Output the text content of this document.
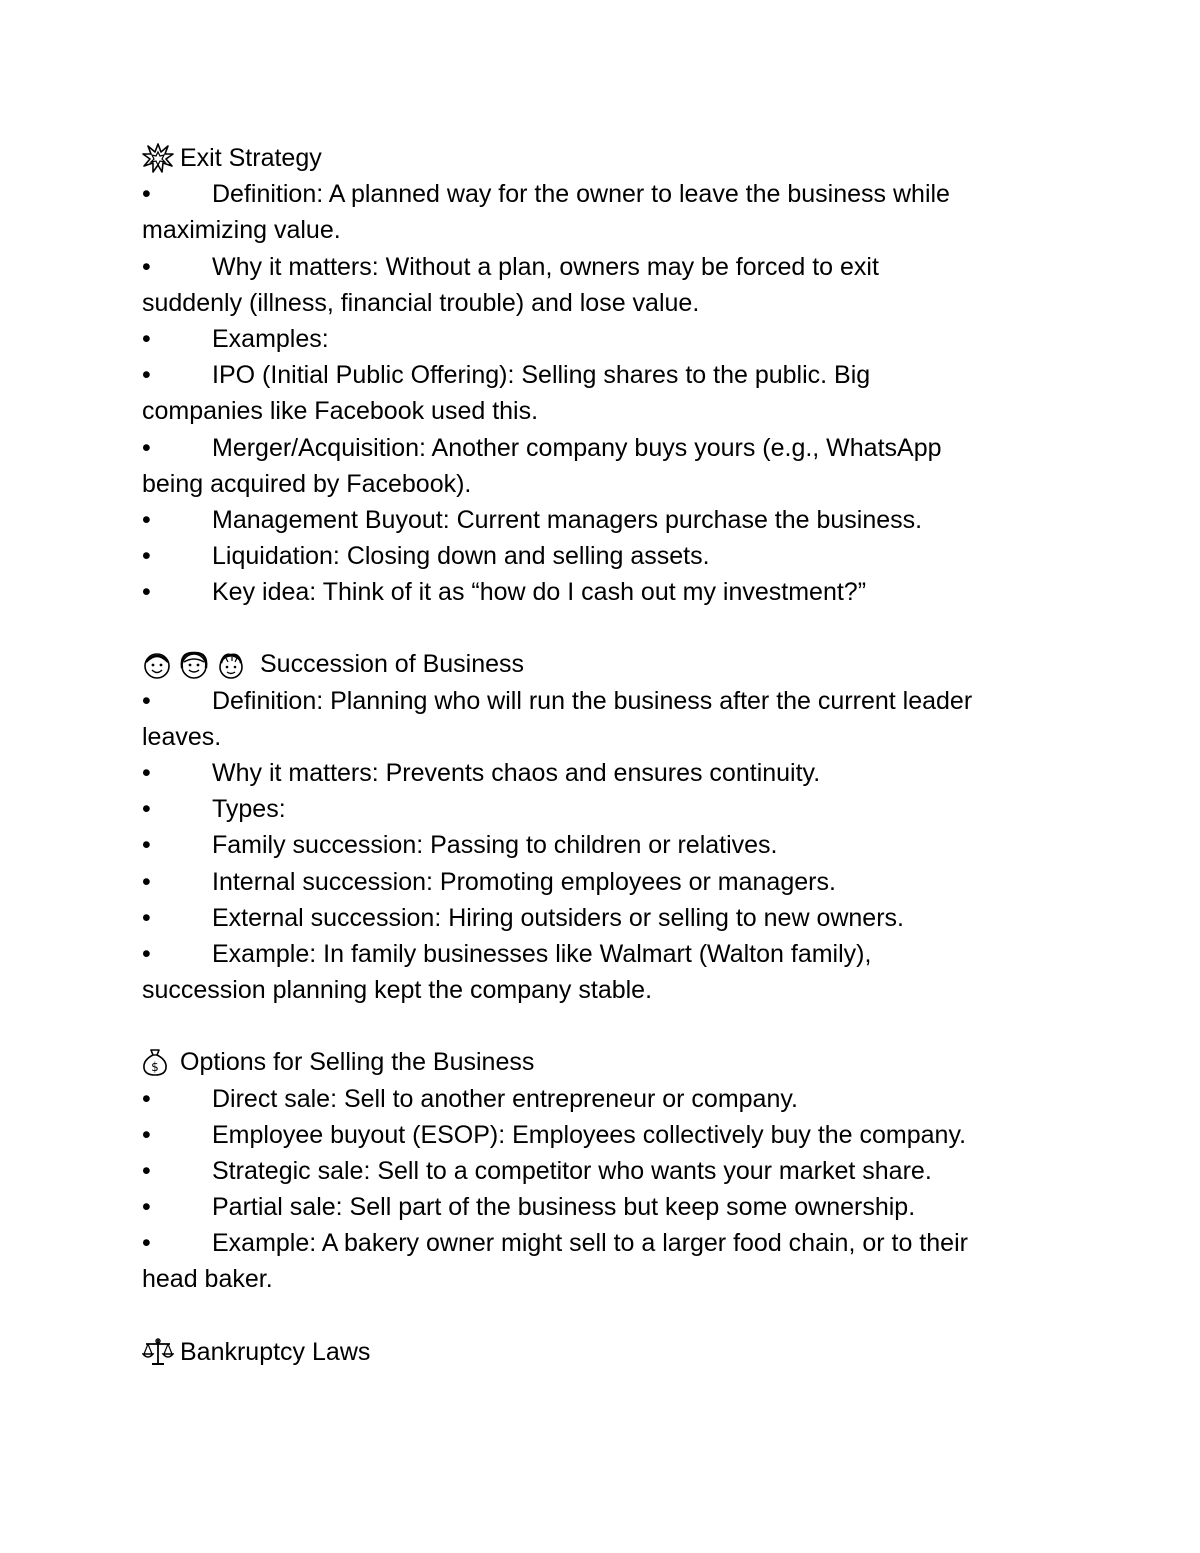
Exit Strategy
• Definition: A planned way for the owner to leave the business while
maximizing value.
• Why it matters: Without a plan, owners may be forced to exit
suddenly (illness, financial trouble) and lose value.
• Examples:
• IPO (Initial Public Offering): Selling shares to the public. Big
companies like Facebook used this.
• Merger/Acquisition: Another company buys yours (e.g., WhatsApp
being acquired by Facebook).
• Management Buyout: Current managers purchase the business.
• Liquidation: Closing down and selling assets.
• Key idea: Think of it as “how do I cash out my investment?”
Succession of Business
• Definition: Planning who will run the business after the current leader
leaves.
• Why it matters: Prevents chaos and ensures continuity.
• Types:
• Family succession: Passing to children or relatives.
• Internal succession: Promoting employees or managers.
• External succession: Hiring outsiders or selling to new owners.
• Example: In family businesses like Walmart (Walton family),
succession planning kept the company stable.
$ Options for Selling the Business
• Direct sale: Sell to another entrepreneur or company.
• Employee buyout (ESOP): Employees collectively buy the company.
• Strategic sale: Sell to a competitor who wants your market share.
• Partial sale: Sell part of the business but keep some ownership.
• Example: A bakery owner might sell to a larger food chain, or to their
head baker.
Bankruptcy Laws
